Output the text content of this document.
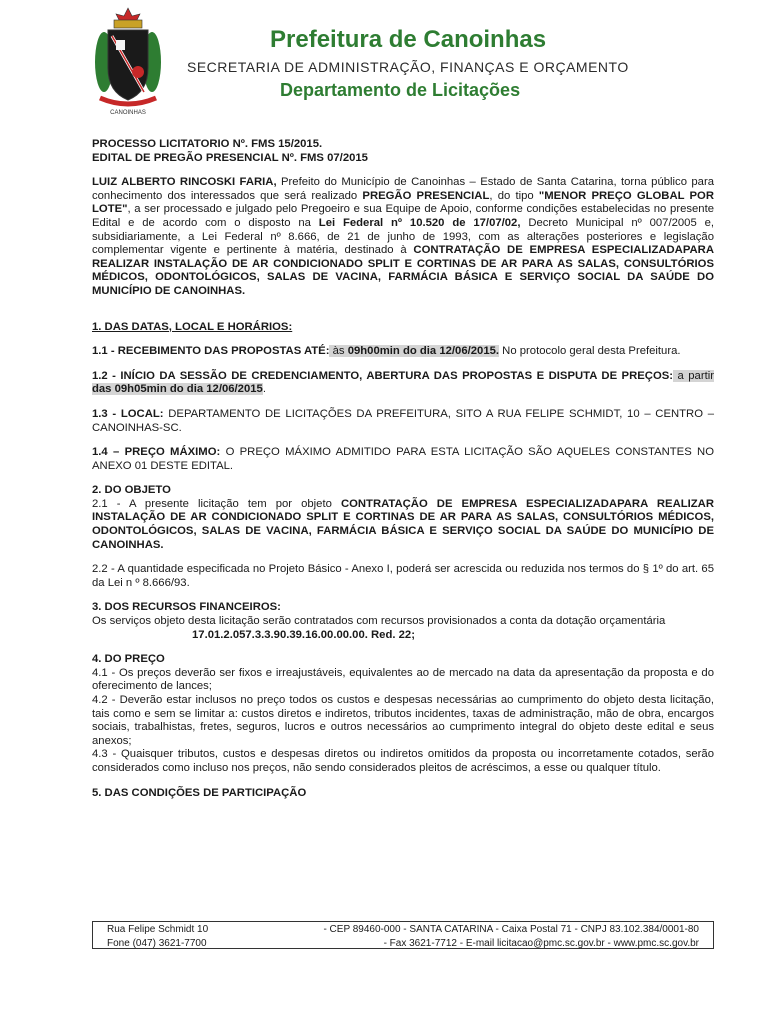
CANOINHAS
Prefeitura de Canoinhas
SECRETARIA DE ADMINISTRAÇÃO, FINANÇAS E ORÇAMENTO
Departamento de Licitações

PROCESSO LICITATORIO Nº. FMS 15/2015.

EDITAL DE PREGÃO PRESENCIAL Nº. FMS 07/2015

LUIZ ALBERTO RINCOSKI FARIA, Prefeito do Município de Canoinhas – Estado de Santa Catarina, torna público para conhecimento dos interessados que será realizado PREGÃO PRESENCIAL, do tipo "MENOR PREÇO GLOBAL POR LOTE", a ser processado e julgado pelo Pregoeiro e sua Equipe de Apoio, conforme condições estabelecidas no presente Edital e de acordo com o disposto na Lei Federal nº 10.520 de 17/07/02, Decreto Municipal nº 007/2005 e, subsidiariamente, a Lei Federal nº 8.666, de 21 de junho de 1993, com as alterações posteriores e legislação complementar vigente e pertinente à matéria, destinado à CONTRATAÇÃO DE EMPRESA ESPECIALIZADAPARA REALIZAR INSTALAÇÃO DE AR CONDICIONADO SPLIT E CORTINAS DE AR PARA AS SALAS, CONSULTÓRIOS MÉDICOS, ODONTOLÓGICOS, SALAS DE VACINA, FARMÁCIA BÁSICA E SERVIÇO SOCIAL DA SAÚDE DO MUNICÍPIO DE CANOINHAS.

1. DAS DATAS, LOCAL E HORÁRIOS:

1.1 - RECEBIMENTO DAS PROPOSTAS ATÉ: às 09h00min do dia 12/06/2015. No protocolo geral desta Prefeitura.

1.2 - INÍCIO DA SESSÃO DE CREDENCIAMENTO, ABERTURA DAS PROPOSTAS E DISPUTA DE PREÇOS: a partir das 09h05min do dia 12/06/2015.

1.3 - LOCAL: DEPARTAMENTO DE LICITAÇÕES DA PREFEITURA, SITO A RUA FELIPE SCHMIDT, 10 – CENTRO – CANOINHAS-SC.

1.4 – PREÇO MÁXIMO: O PREÇO MÁXIMO ADMITIDO PARA ESTA LICITAÇÃO SÃO AQUELES CONSTANTES NO ANEXO 01 DESTE EDITAL.

2. DO OBJETO

2.1 - A presente licitação tem por objeto CONTRATAÇÃO DE EMPRESA ESPECIALIZADAPARA REALIZAR INSTALAÇÃO DE AR CONDICIONADO SPLIT E CORTINAS DE AR PARA AS SALAS, CONSULTÓRIOS MÉDICOS, ODONTOLÓGICOS, SALAS DE VACINA, FARMÁCIA BÁSICA E SERVIÇO SOCIAL DA SAÚDE DO MUNICÍPIO DE CANOINHAS.

2.2 - A quantidade especificada no Projeto Básico - Anexo I, poderá ser acrescida ou reduzida nos termos do § 1º do art. 65 da Lei n º 8.666/93.

3. DOS RECURSOS FINANCEIROS:

Os serviços objeto desta licitação serão contratados com recursos provisionados a conta da dotação orçamentária

17.01.2.057.3.3.90.39.16.00.00.00. Red. 22;

4. DO PREÇO

4.1 - Os preços deverão ser fixos e irreajustáveis, equivalentes ao de mercado na data da apresentação da proposta e do oferecimento de lances;

4.2 - Deverão estar inclusos no preço todos os custos e despesas necessárias ao cumprimento do objeto desta licitação, tais como e sem se limitar a: custos diretos e indiretos, tributos incidentes, taxas de administração, mão de obra, encargos sociais, trabalhistas, fretes, seguros, lucros e outros necessários ao cumprimento integral do objeto deste edital e seus anexos;

4.3 - Quaisquer tributos, custos e despesas diretos ou indiretos omitidos da proposta ou incorretamente cotados, serão considerados como incluso nos preços, não sendo considerados pleitos de acréscimos, a esse ou qualquer título.

5. DAS CONDIÇÕES DE PARTICIPAÇÃO

Rua Felipe Schmidt 10	- CEP 89460-000 - SANTA CATARINA - Caixa Postal 71 - CNPJ 83.102.384/0001-80
Fone (047) 3621-7700	- Fax 3621-7712 - E-mail licitacao@pmc.sc.gov.br - www.pmc.sc.gov.br
